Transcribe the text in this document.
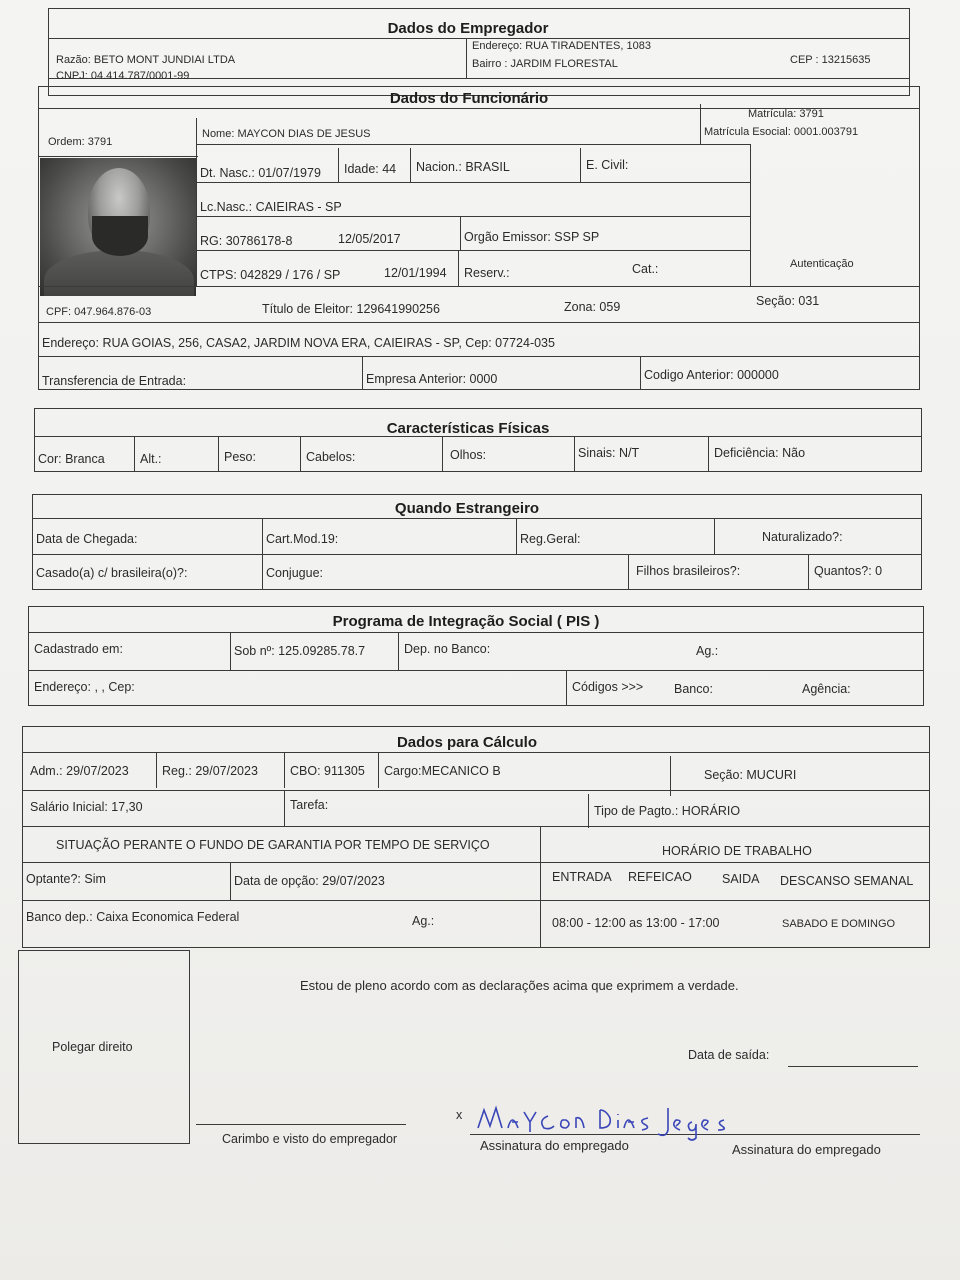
Dados do Empregador
Razão: BETO MONT JUNDIAI LTDA
CNPJ: 04.414.787/0001-99
Endereço: RUA TIRADENTES, 1083
Bairro : JARDIM FLORESTAL	CEP : 13215635
Dados do Funcionário
Matrícula: 3791
Matrícula Esocial: 0001.003791
Ordem: 3791
Nome: MAYCON DIAS DE JESUS
Dt. Nasc.: 01/07/1979 Idade: 44 Nacion.: BRASIL	E. Civil:
Lc.Nasc.: CAIEIRAS - SP
RG: 30786178-8	12/05/2017	Orgão Emissor: SSP SP
CTPS: 042829 / 176 / SP	12/01/1994 Reserv.:	Cat.:	Autenticação
CPF: 047.964.876-03	Título de Eleitor: 129641990256	Zona: 059	Seção: 031
Endereço: RUA GOIAS, 256, CASA2, JARDIM NOVA ERA, CAIEIRAS - SP, Cep: 07724-035
Transferencia de Entrada:	Empresa Anterior: 0000	Codigo Anterior: 000000
Características Físicas
Cor: Branca	Alt.:	Peso:	Cabelos:	Olhos:	Sinais: N/T	Deficiência: Não
Quando Estrangeiro
Data de Chegada:	Cart.Mod.19:	Reg.Geral:	Naturalizado?:
Casado(a) c/ brasileira(o)?:	Conjugue:	Filhos brasileiros?:	Quantos?: 0
Programa de Integração Social ( PIS )
Cadastrado em:	Sob nº: 125.09285.78.7	Dep. no Banco:	Ag.:
Endereço: , , Cep:	Códigos >>> Banco:	Agência:
Dados para Cálculo
Adm.: 29/07/2023	Reg.: 29/07/2023	CBO: 911305 Cargo:MECANICO B	Seção: MUCURI
Salário Inicial: 17,30	Tarefa:	Tipo de Pagto.: HORÁRIO
SITUAÇÃO PERANTE O FUNDO DE GARANTIA POR TEMPO DE SERVIÇO	HORÁRIO DE TRABALHO
Optante?: Sim	Data de opção: 29/07/2023	ENTRADA REFEICAO SAIDA DESCANSO SEMANAL
Banco dep.: Caixa Economica Federal	Ag.:	08:00 - 12:00 as 13:00 - 17:00	SABADO E DOMINGO
Polegar direito
Estou de pleno acordo com as declarações acima que exprimem a verdade.
Data de saída:
Carimbo e visto do empregador
x
Assinatura do empregado	Assinatura do empregado
